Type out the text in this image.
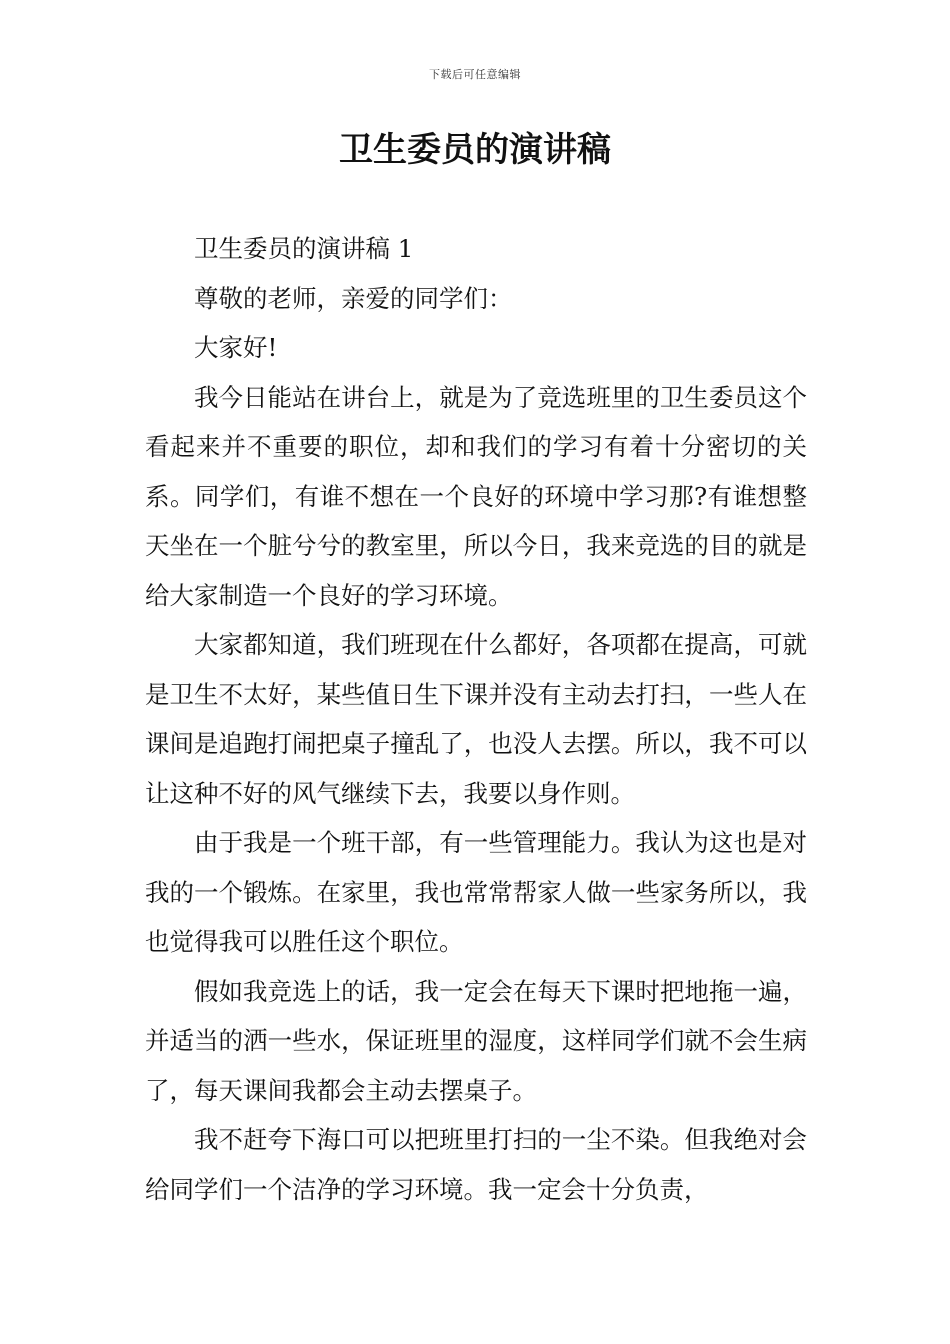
下载后可任意编辑
卫生委员的演讲稿

卫生委员的演讲稿 1

尊敬的老师，亲爱的同学们：

大家好!

我今日能站在讲台上，就是为了竞选班里的卫生委员这个看起来并不重要的职位，却和我们的学习有着十分密切的关系。同学们，有谁不想在一个良好的环境中学习那?有谁想整天坐在一个脏兮兮的教室里，所以今日，我来竞选的目的就是给大家制造一个良好的学习环境。

大家都知道，我们班现在什么都好，各项都在提高，可就是卫生不太好，某些值日生下课并没有主动去打扫，一些人在课间是追跑打闹把桌子撞乱了，也没人去摆。所以，我不可以让这种不好的风气继续下去，我要以身作则。

由于我是一个班干部，有一些管理能力。我认为这也是对我的一个锻炼。在家里，我也常常帮家人做一些家务所以，我也觉得我可以胜任这个职位。

假如我竞选上的话，我一定会在每天下课时把地拖一遍，并适当的洒一些水，保证班里的湿度，这样同学们就不会生病了，每天课间我都会主动去摆桌子。

我不赶夸下海口可以把班里打扫的一尘不染。但我绝对会给同学们一个洁净的学习环境。我一定会十分负责，
